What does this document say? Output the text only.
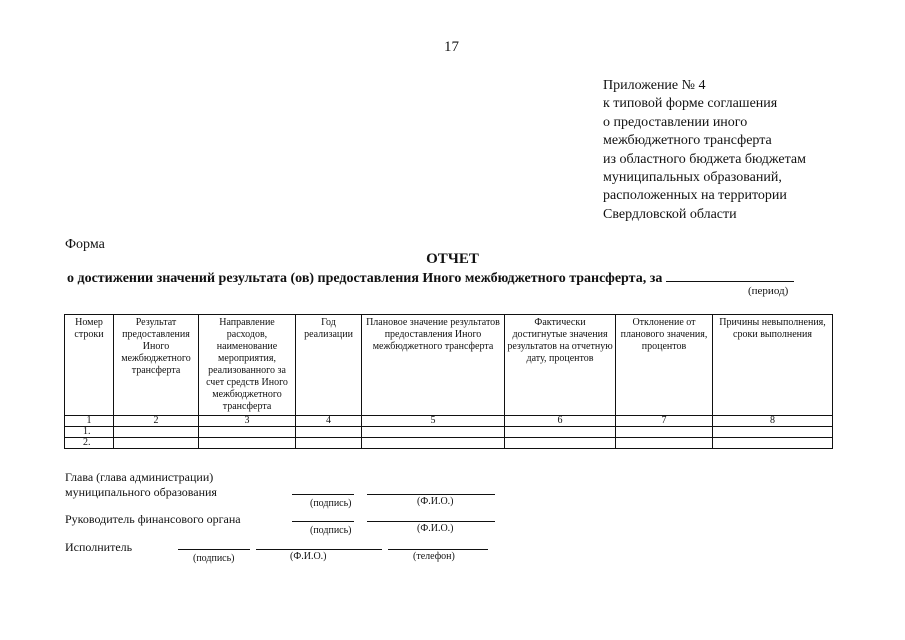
17
Приложение № 4
к типовой форме соглашения
о предоставлении иного
межбюджетного трансферта
из областного бюджета бюджетам
муниципальных образований,
расположенных на территории
Свердловской области
Форма
ОТЧЕТ
о достижении значений результата (ов) предоставления Иного межбюджетного трансферта, за
(период)
Номер строки	Результат предоставления Иного межбюджетного трансферта	Направление расходов, наименование мероприятия, реализованного за счет средств Иного межбюджетного трансферта	Год реализации	Плановое значение результатов предоставления Иного межбюджетного трансферта	Фактически достигнутые значения результатов на отчетную дату, процентов	Отклонение от планового значения, процентов	Причины невыполнения, сроки выполнения
1	2	3	4	5	6	7	8
1.							
2.							
Глава (глава администрации)
муниципального образования
(подпись)	(Ф.И.О.)
Руководитель финансового органа
(подпись)	(Ф.И.О.)
Исполнитель
(подпись)	(Ф.И.О.)	(телефон)
